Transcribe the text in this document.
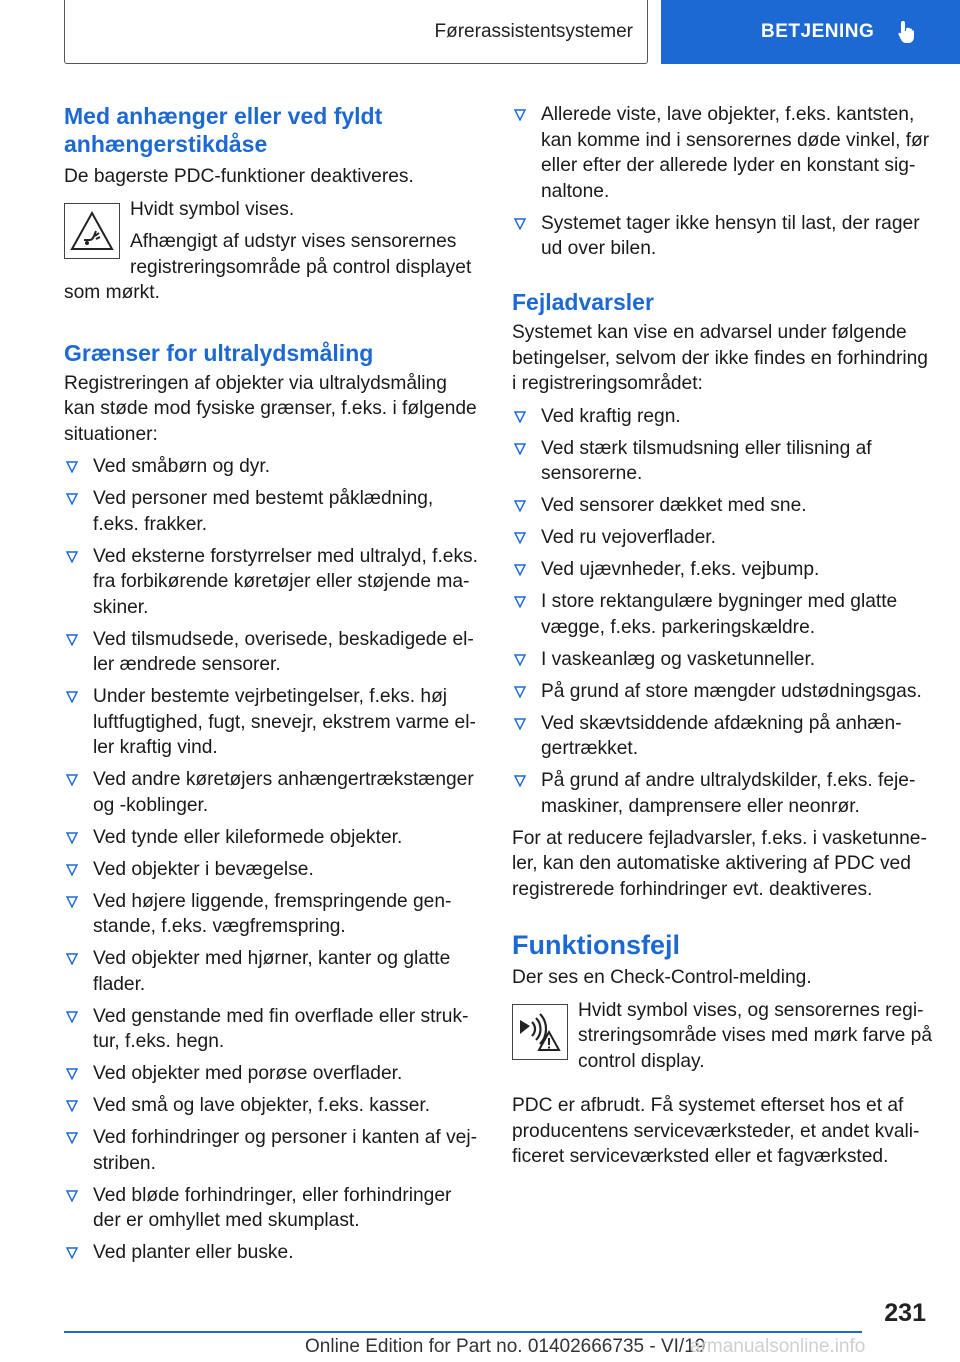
Førerassistentsystemer	BETJENING
Med anhænger eller ved fyldt anhængerstikdåse

De bagerste PDC-funktioner deaktiveres.

Hvidt symbol vises.

Afhængigt af udstyr vises sensorernes registreringsområde på control displayet som mørkt.

Grænser for ultralydsmåling

Registreringen af objekter via ultralydsmåling kan støde mod fysiske grænser, f.eks. i følgende situationer:

Ved småbørn og dyr.
Ved personer med bestemt påklædning, f.eks. frakker.
Ved eksterne forstyrrelser med ultralyd, f.eks. fra forbikørende køretøjer eller støjende maskiner.
Ved tilsmudsede, overisede, beskadigede eller ændrede sensorer.
Under bestemte vejrbetingelser, f.eks. høj luftfugtighed, fugt, snevejr, ekstrem varme eller kraftig vind.
Ved andre køretøjers anhængertrækstænger og -koblinger.
Ved tynde eller kileformede objekter.
Ved objekter i bevægelse.
Ved højere liggende, fremspringende genstande, f.eks. vægfremspring.
Ved objekter med hjørner, kanter og glatte flader.
Ved genstande med fin overflade eller struktur, f.eks. hegn.
Ved objekter med porøse overflader.
Ved små og lave objekter, f.eks. kasser.
Ved forhindringer og personer i kanten af vejstriben.
Ved bløde forhindringer, eller forhindringer der er omhyllet med skumplast.
Ved planter eller buske.
Allerede viste, lave objekter, f.eks. kantsten, kan komme ind i sensorernes døde vinkel, før eller efter der allerede lyder en konstant signaltone.
Systemet tager ikke hensyn til last, der rager ud over bilen.
Fejladvarsler

Systemet kan vise en advarsel under følgende betingelser, selvom der ikke findes en forhindring i registreringsområdet:

Ved kraftig regn.
Ved stærk tilsmudsning eller tilisning af sensorerne.
Ved sensorer dækket med sne.
Ved ru vejoverflader.
Ved ujævnheder, f.eks. vejbump.
I store rektangulære bygninger med glatte vægge, f.eks. parkeringskældre.
I vaskeanlæg og vasketunneller.
På grund af store mængder udstødningsgas.
Ved skævtsiddende afdækning på anhængertrækket.
På grund af andre ultralydskilder, f.eks. fejemaskiner, damprensere eller neonrør.

For at reducere fejladvarsler, f.eks. i vasketunneler, kan den automatiske aktivering af PDC ved registrerede forhindringer evt. deaktiveres.

Funktionsfejl

Der ses en Check-Control-melding.

Hvidt symbol vises, og sensorernes registreringsområde vises med mørk farve på control display.

PDC er afbrudt. Få systemet efterset hos et af producentens serviceværksteder, et andet kvalificeret serviceværksted eller et fagværksted.

231
Online Edition for Part no. 01402666735 - VI/19
armanualsonline.info
